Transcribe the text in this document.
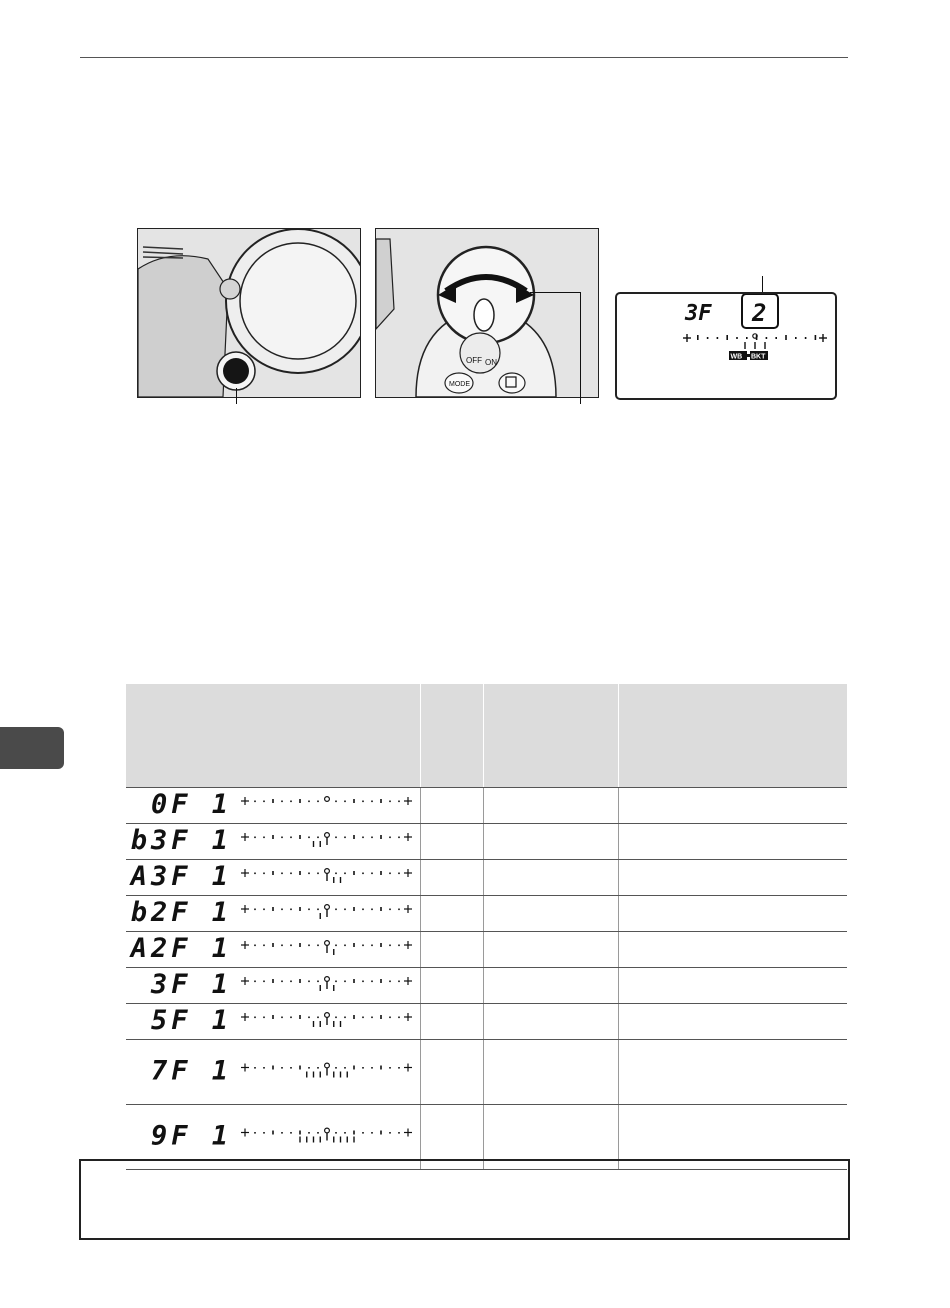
OFF ON
MODE
3F 2
WB BKT

0F 1			

b3F 1			

A3F 1			

b2F 1			

A2F 1			

3F 1			

5F 1			

7F 1			

9F 1			
